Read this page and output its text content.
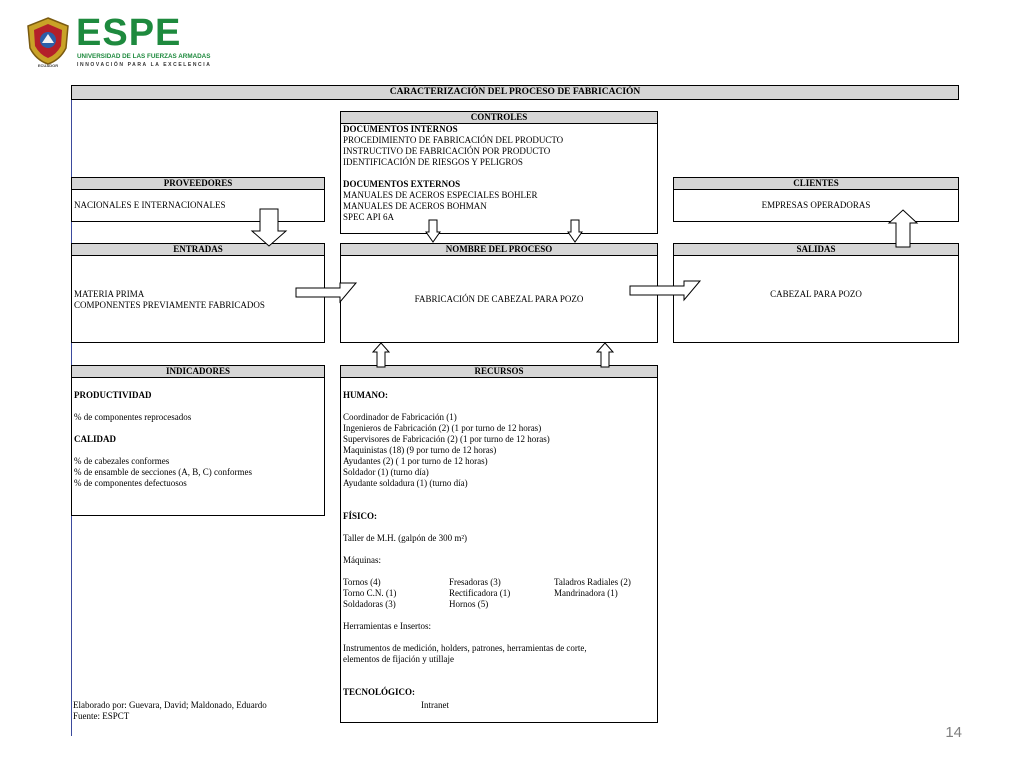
ECUADOR
ESPE
UNIVERSIDAD DE LAS FUERZAS ARMADAS
INNOVACIÓN PARA LA EXCELENCIA
CARACTERIZACIÓN DEL PROCESO DE FABRICACIÓN
CONTROLES
DOCUMENTOS INTERNOS
PROCEDIMIENTO DE FABRICACIÓN DEL PRODUCTO
INSTRUCTIVO DE FABRICACIÓN POR PRODUCTO
IDENTIFICACIÓN DE RIESGOS Y PELIGROS
DOCUMENTOS EXTERNOS
MANUALES DE ACEROS ESPECIALES BOHLER
MANUALES DE ACEROS BOHMAN
SPEC API 6A
PROVEEDORES
NACIONALES E INTERNACIONALES
CLIENTES
EMPRESAS OPERADORAS
ENTRADAS
MATERIA PRIMA
COMPONENTES PREVIAMENTE FABRICADOS
NOMBRE DEL PROCESO
FABRICACIÓN DE CABEZAL PARA POZO
SALIDAS
CABEZAL PARA POZO
INDICADORES
PRODUCTIVIDAD
% de componentes reprocesados
CALIDAD
% de cabezales conformes
% de ensamble de secciones (A, B, C) conformes
% de componentes defectuosos
RECURSOS
HUMANO:
Coordinador de Fabricación (1)
Ingenieros de Fabricación (2) (1 por turno de 12 horas)
Supervisores de Fabricación (2) (1 por turno de 12 horas)
Maquinistas (18) (9 por turno de 12 horas)
Ayudantes (2) ( 1 por turno de 12 horas)
Soldador (1) (turno día)
Ayudante soldadura (1) (turno día)
FÍSICO:
Taller de M.H. (galpón de 300 m²)
Máquinas:
Tornos (4)	Fresadoras (3)	Taladros Radiales (2)
Torno C.N. (1)	Rectificadora (1)	Mandrinadora (1)
Soldadoras (3)	Hornos (5)
Herramientas e Insertos:
Instrumentos de medición, holders, patrones, herramientas de corte,
elementos de fijación y utillaje
TECNOLÓGICO:
Intranet
Elaborado por: Guevara, David; Maldonado, Eduardo
Fuente: ESPCT
14
